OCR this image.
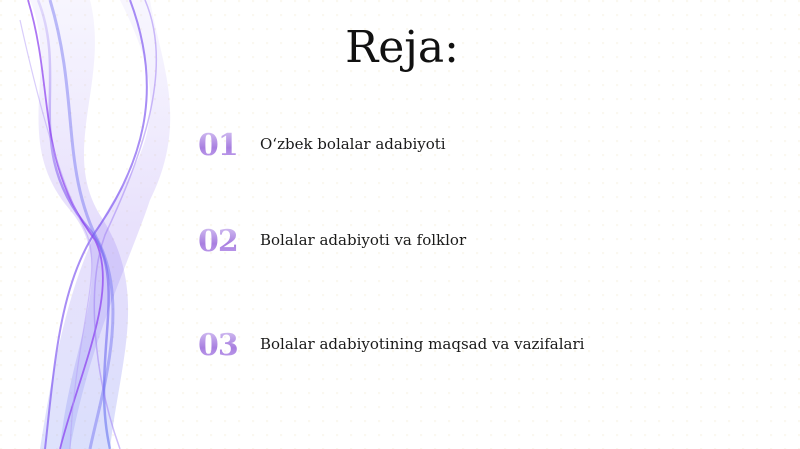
Reja:
01	O‘zbek bolalar adabiyoti
02	Bolalar adabiyoti va folklor
03	Bolalar adabiyotining maqsad va vazifalari
